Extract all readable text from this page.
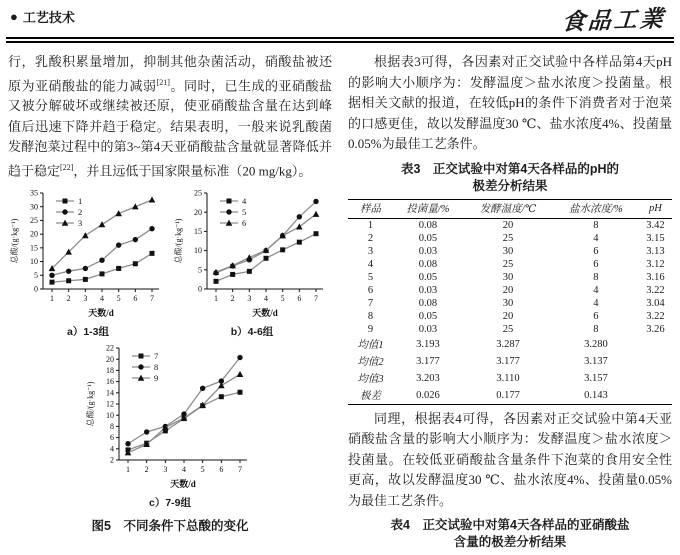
● 工艺技术	食品工業

行，乳酸积累量增加，抑制其他杂菌活动，硝酸盐被还原为亚硝酸盐的能力减弱[21]。同时，已生成的亚硝酸盐又被分解破坏或继续被还原，使亚硝酸盐含量在达到峰值后迅速下降并趋于稳定。结果表明，一般来说乳酸菌发酵泡菜过程中的第3~第4天亚硝酸盐含量就显著降低并趋于稳定[22]，并且远低于国家限量标准（20 mg/kg）。

0
5
10
15
20
25
30
35
1 2 3 4 5 6 7
天数/d
总酸/(g·kg⁻¹)
1
2
3
a）1-3组
0
5
10
15
20
25
1 2 3 4 5 6 7
天数/d
总酸/(g·kg⁻¹)
4
5
6
b）4-6组
2
4
6
8
10
12
14
16
18
20
22
1 2 3 4 5 6 7
天数/d
总酸/(g·kg⁻¹)
7
8
9
c）7-9组
图5　不同条件下总酸的变化

根据表3可得，各因素对正交试验中各样品第4天pH的影响大小顺序为：发酵温度＞盐水浓度＞投菌量。根据相关文献的报道，在较低pH的条件下消费者对于泡菜的口感更佳，故以发酵温度30 ℃、盐水浓度4%、投菌量0.05%为最佳工艺条件。

表3　正交试验中对第4天各样品的pH的
极差分析结果
样品	投菌量/%	发酵温度/℃	盐水浓度/%	pH
1	0.08	20	8	3.42
2	0.05	25	4	3.15
3	0.03	30	6	3.13
4	0.08	25	6	3.12
5	0.05	30	8	3.16
6	0.03	20	4	3.22
7	0.08	30	4	3.04
8	0.05	20	6	3.22
9	0.03	25	8	3.26
均值1	3.193	3.287	3.280	
均值2	3.177	3.177	3.137	
均值3	3.203	3.110	3.157	
极差	0.026	0.177	0.143	

同理，根据表4可得，各因素对正交试验中第4天亚硝酸盐含量的影响大小顺序为：发酵温度＞盐水浓度＞投菌量。在较低亚硝酸盐含量条件下泡菜的食用安全性更高，故以发酵温度30 ℃、盐水浓度4%、投菌量0.05%为最佳工艺条件。

表4　正交试验中对第4天各样品的亚硝酸盐
含量的极差分析结果
